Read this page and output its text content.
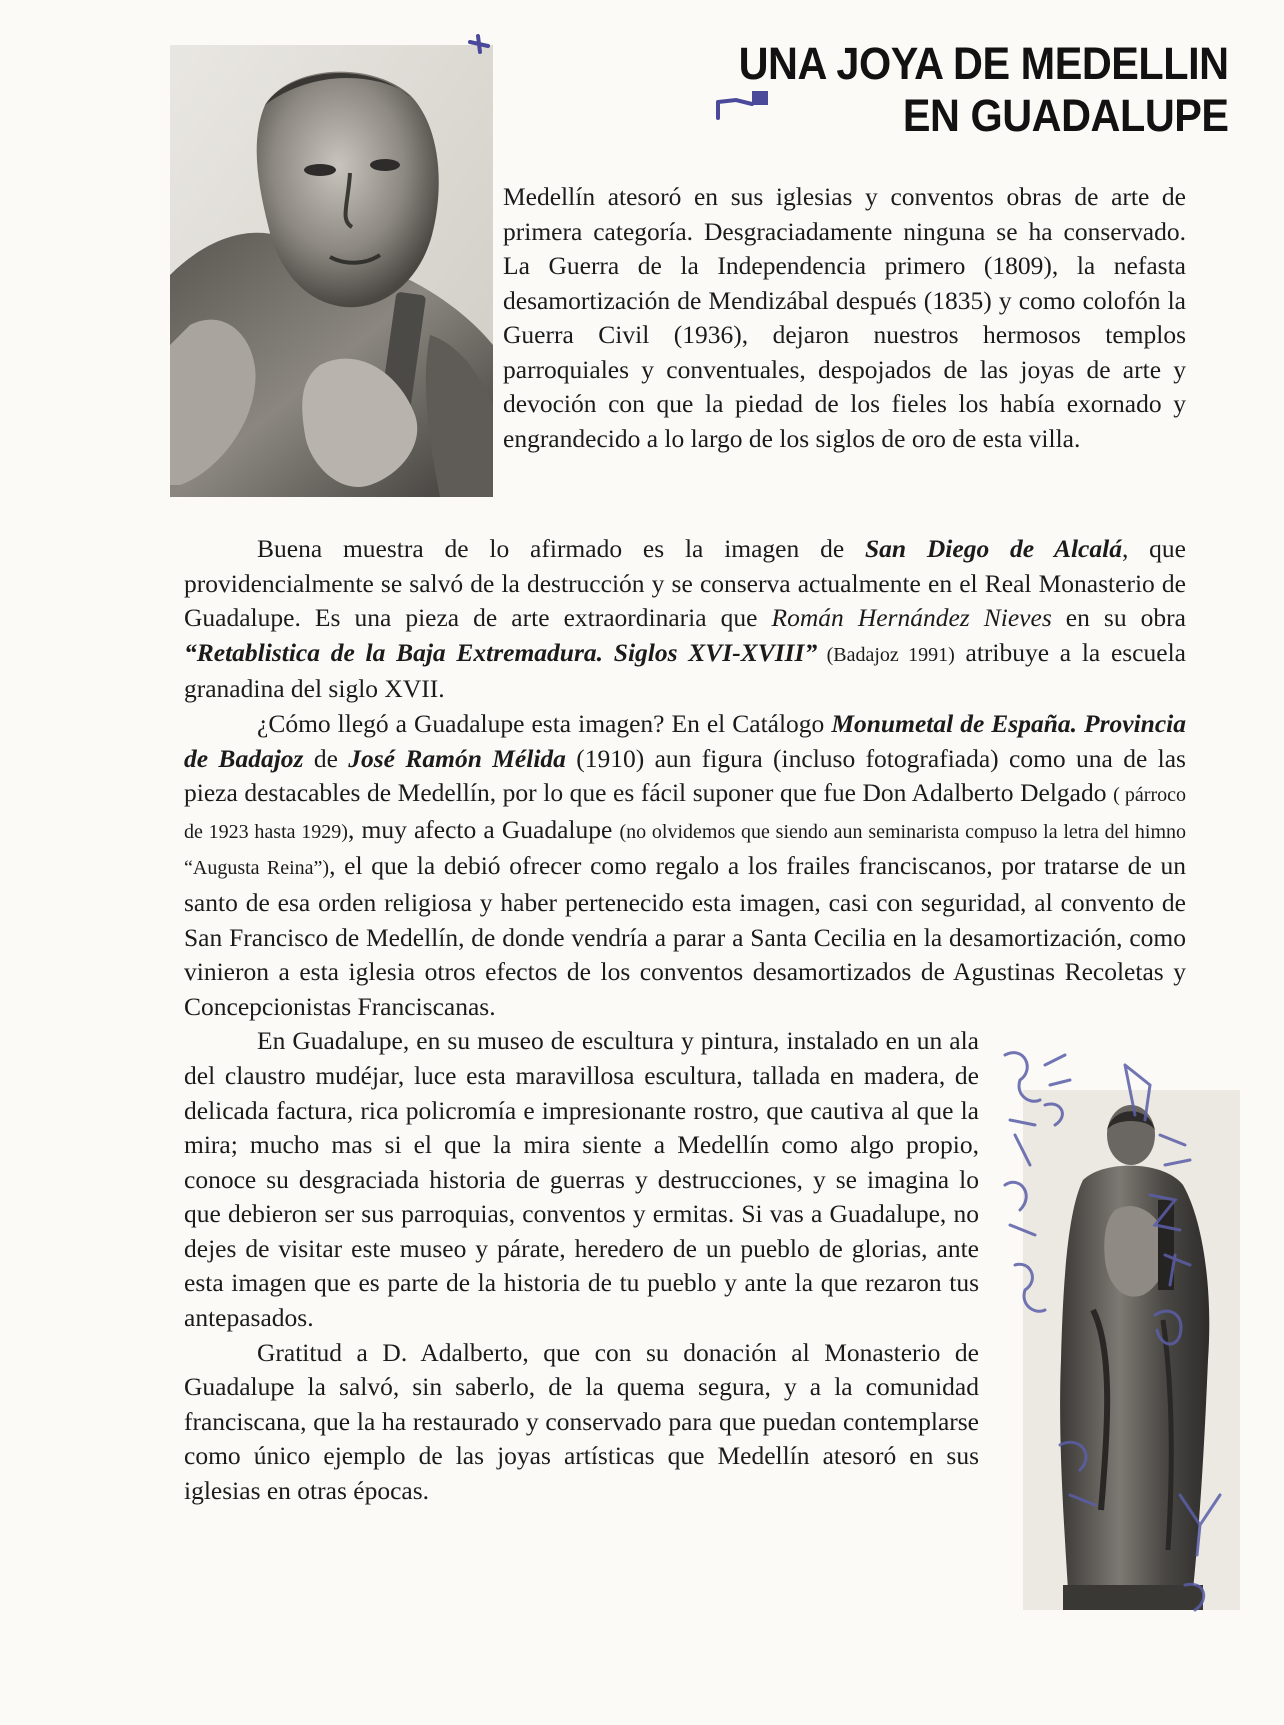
UNA JOYA DE MEDELLIN
EN GUADALUPE

Medellín atesoró en sus iglesias y conventos obras de arte de primera categoría. Desgraciadamente ninguna se ha conservado. La Guerra de la Independencia primero (1809), la nefasta desamortización de Mendizábal después (1835) y como colofón la Guerra Civil (1936), dejaron nuestros hermosos templos parroquiales y conventuales, despojados de las joyas de arte y devoción con que la piedad de los fieles los había exornado y engrandecido a lo largo de los siglos de oro de esta villa.

Buena muestra de lo afirmado es la imagen de San Diego de Alcalá, que providencialmente se salvó de la destrucción y se conserva actualmente en el Real Monasterio de Guadalupe. Es una pieza de arte extraordinaria que Román Hernández Nieves en su obra “Retablistica de la Baja Extremadura. Siglos XVI-XVIII” (Badajoz 1991) atribuye a la escuela granadina del siglo XVII.

¿Cómo llegó a Guadalupe esta imagen? En el Catálogo Monumetal de España. Provincia de Badajoz de José Ramón Mélida (1910) aun figura (incluso fotografiada) como una de las pieza destacables de Medellín, por lo que es fácil suponer que fue Don Adalberto Delgado ( párroco de 1923 hasta 1929), muy afecto a Guadalupe (no olvidemos que siendo aun seminarista compuso la letra del himno “Augusta Reina”), el que la debió ofrecer como regalo a los frailes franciscanos, por tratarse de un santo de esa orden religiosa y haber pertenecido esta imagen, casi con seguridad, al convento de San Francisco de Medellín, de donde vendría a parar a Santa Cecilia en la desamortización, como vinieron a esta iglesia otros efectos de los conventos desamortizados de Agustinas Recoletas y Concepcionistas Franciscanas.

En Guadalupe, en su museo de escultura y pintura, instalado en un ala del claustro mudéjar, luce esta maravillosa escultura, tallada en madera, de delicada factura, rica policromía e impresionante rostro, que cautiva al que la mira; mucho mas si el que la mira siente a Medellín como algo propio, conoce su desgraciada historia de guerras y destrucciones, y se imagina lo que debieron ser sus parroquias, conventos y ermitas. Si vas a Guadalupe, no dejes de visitar este museo y párate, heredero de un pueblo de glorias, ante esta imagen que es parte de la historia de tu pueblo y ante la que rezaron tus antepasados.

Gratitud a D. Adalberto, que con su donación al Monasterio de Guadalupe la salvó, sin saberlo, de la quema segura, y a la comunidad franciscana, que la ha restaurado y conservado para que puedan contemplarse como único ejemplo de las joyas artísticas que Medellín atesoró en sus iglesias en otras épocas.
